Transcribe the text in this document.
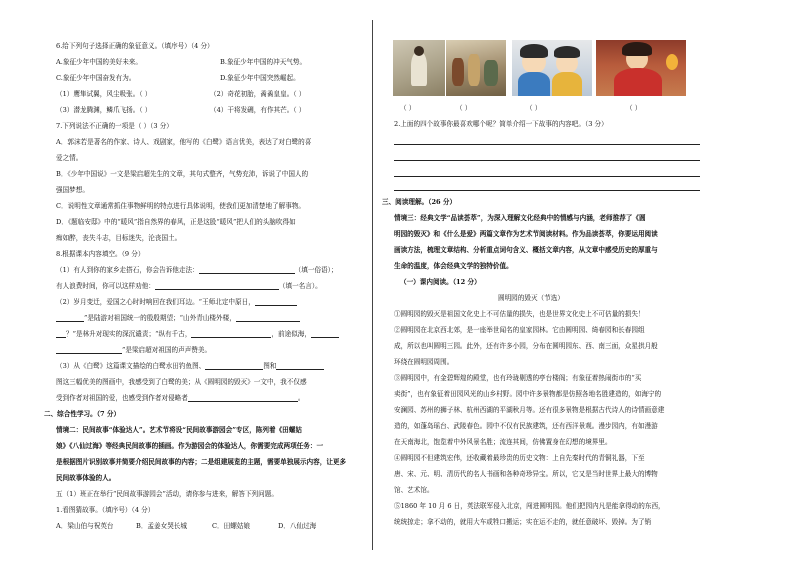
6.给下列句子选择正确的象征意义。（填序号）（4 分）
A.象征少年中国的美好未来。	B.象征少年中国的冲天气势。
C.象征少年中国奋发有为。	D.象征少年中国突然崛起。
（1）鹰隼试翼，风尘吸张。（ ）	（2）奇花初胎，矞矞皇皇。（ ）
（3）潜龙腾渊，鳞爪飞扬。（ ）	（4）干将发硎，有作其芒。（ ）
7.下列说法不正确的一项是（ ）（3 分）
A．郭沫若是著名的作家、诗人、戏剧家，他写的《白鹭》语言优美，表达了对白鹭的喜
爱之情。
B．《少年中国说》一文是梁启超先生的文章，其句式整齐，气势充沛，诉说了中国人的
强国梦想。
C．说明性文章通常抓住事物鲜明的特点进行具体说明，使我们更加清楚地了解事物。
D．《题临安邸》中的“暖风”指自然界的春风，正是这股“暖风”把人们的头脑吹得如
痴如醉，丧失斗志，目标迷失，沦丧国土。
8.根据课本内容填空。（9 分）
（1）有人到你的家乡走搭石，你会告诉他走法：	（填一俗语）；
有人浪费时间，你可以这样劝他：	（填一名言）。
（2）岁月变迁，爱国之心时时响回在我们耳边。“王师北定中原日，
”是陆游对祖国统一的殷殷期望；“山外青山楼外楼，
？”是林升对现实的深沉谴责；“纵有千古，	，前途似海，
”是梁启超对祖国的声声赞美。
（3）从《白鹭》这篇课文描绘的白鹭水田钓鱼图、	图和
图这三幅优美的图画中，我感受到了白鹭的美；从《圆明园的毁灭》一文中，我不仅感
受到作者对祖国的爱，也感受到作者对侵略者	。
二、综合性学习。（7 分）
情境二：民间故事“体验达人”。艺术节将设“民间故事游园会”专区，陈列着《田螺姑
娘》《八仙过海》等经典民间故事的插画。作为游园会的体验达人，你需要完成两项任务：一
是根据图片识别故事并简要介绍民间故事的内容；二是组建展览的主题，需要单独展示内容，让更多
民间故事体验的人。
五（1）班正在举行“民间故事游园会”活动，请你参与进来，解答下列问题。
1.看图猜故事。（填序号）（4 分）
A．梁山伯与祝英台	B．孟姜女哭长城	C．田螺姑娘	D．八仙过海
（ ）	（ ）	（ ）	（ ）
2.上面的四个故事你最喜欢哪个呢？简单介绍一下故事的内容吧。（3 分）
三、阅读理解。（26 分）
情境三：经典文学“品读荟萃”，为深入理解文化经典中的情感与内涵，老师推荐了《圆
明园的毁灭》和《什么是爱》两篇文章作为艺术节阅读材料。作为品读荟萃，你要运用阅读
画读方法，梳理文章结构、分析重点词句含义、概括文章内容，从文章中感受历史的厚重与
生命的温度，体会经典文学的独特价值。
（一）课内阅读。（12 分）
圆明园的毁灭（节选）
①圆明园的毁灭是祖国文化史上不可估量的损失，也是世界文化史上不可估量的损失！
②圆明园在北京西北郊，是一座举世闻名的皇家园林。它由圆明园、绮春园和长春园组
成，所以也叫圆明三园。此外，还有许多小园，分布在圆明园东、西、南三面，众星拱月般
环绕在圆明园周围。
③圆明园中，有金碧辉煌的殿堂，也有玲珑剔透的亭台楼阁；有象征着热闹街市的“买
卖街”，也有象征着田园风光的山乡村野。园中许多景物都是仿照各地名胜建造的，如海宁的
安澜园、苏州的狮子林、杭州西湖的平湖秋月等。还有很多景物是根据古代诗人的诗情画意建
造的，如蓬岛瑶台、武陵春色。园中不仅有民族建筑，还有西洋景观。漫步园内，有如漫游
在天南海北，饱览着中外风景名胜；流连其间，仿佛置身在幻想的境界里。
④圆明园不但建筑宏伟，还收藏着最珍贵的历史文物：上自先秦时代的青铜礼器，下至
唐、宋、元、明、清历代的名人书画和各种奇珍异宝。所以，它又是当时世界上最大的博物
馆、艺术馆。
⑤1860 年 10 月 6 日，英法联军侵入北京，闯进圆明园。他们把园内凡是能拿得动的东西，
统统掠走；拿不动的，就用大车或牲口搬运；实在运不走的，就任意破坏、毁掉。为了销
